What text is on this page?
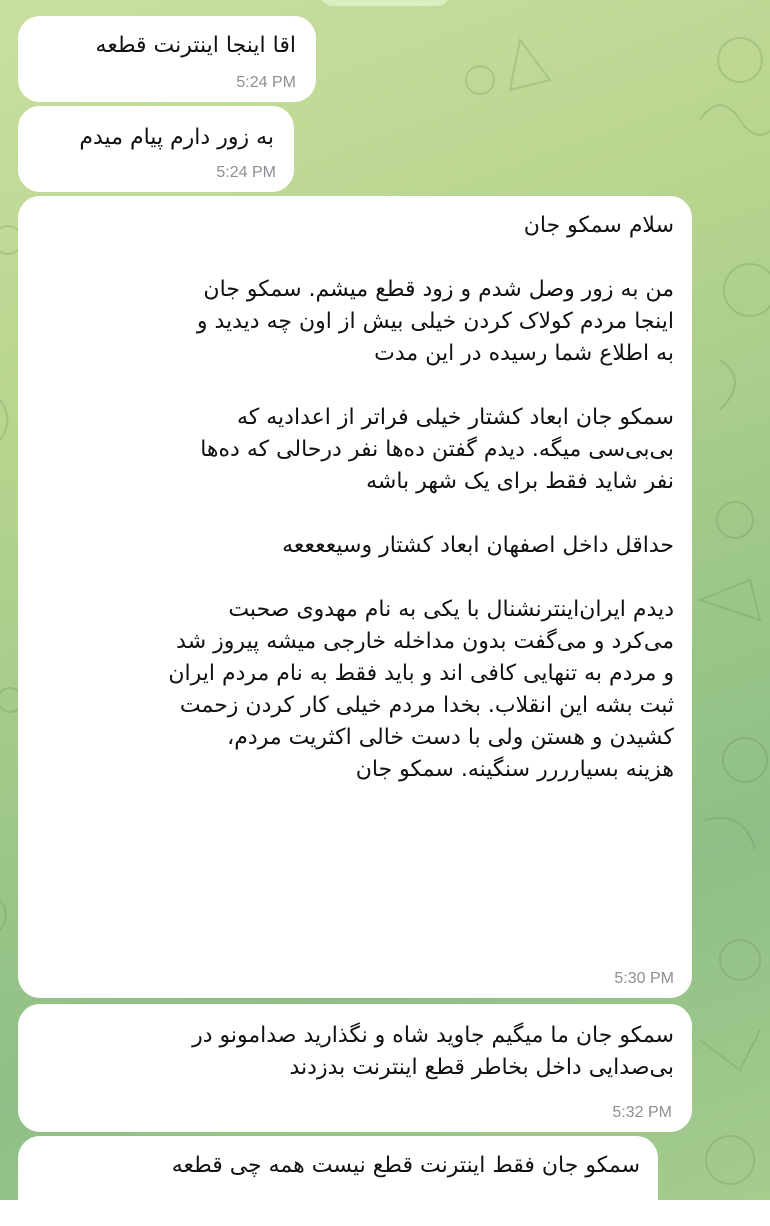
اقا اینجا اینترنت قطعه
5:24 PM
به زور دارم پیام میدم
5:24 PM
سلام سمکو جان

من به زور وصل شدم و زود قطع میشم. سمکو جان
اینجا مردم کولاک کردن خیلی بیش از اون چه دیدید و
به اطلاع شما رسیده در این مدت

سمکو جان ابعاد کشتار خیلی فراتر از اعدادیه که
بی‌بی‌سی میگه. دیدم گفتن ده‌ها نفر درحالی که ده‌ها
نفر شاید فقط برای یک شهر باشه

حداقل داخل اصفهان ابعاد کشتار وسیععععه

دیدم ایران‌اینترنشنال با یکی به نام مهدوی صحبت
می‌کرد و می‌گفت بدون مداخله خارجی میشه پیروز شد
و مردم به تنهایی کافی اند و باید فقط به نام مردم ایران
ثبت بشه این انقلاب. بخدا مردم خیلی کار کردن زحمت
کشیدن و هستن ولی با دست خالی اکثریت مردم،
هزینه بسیارررر سنگینه. سمکو جان
5:30 PM
سمکو جان ما میگیم جاوید شاه و نگذارید صدامونو در
بی‌صدایی داخل بخاطر قطع اینترنت بدزدند
5:32 PM
سمکو جان فقط اینترنت قطع نیست همه چی قطعه
